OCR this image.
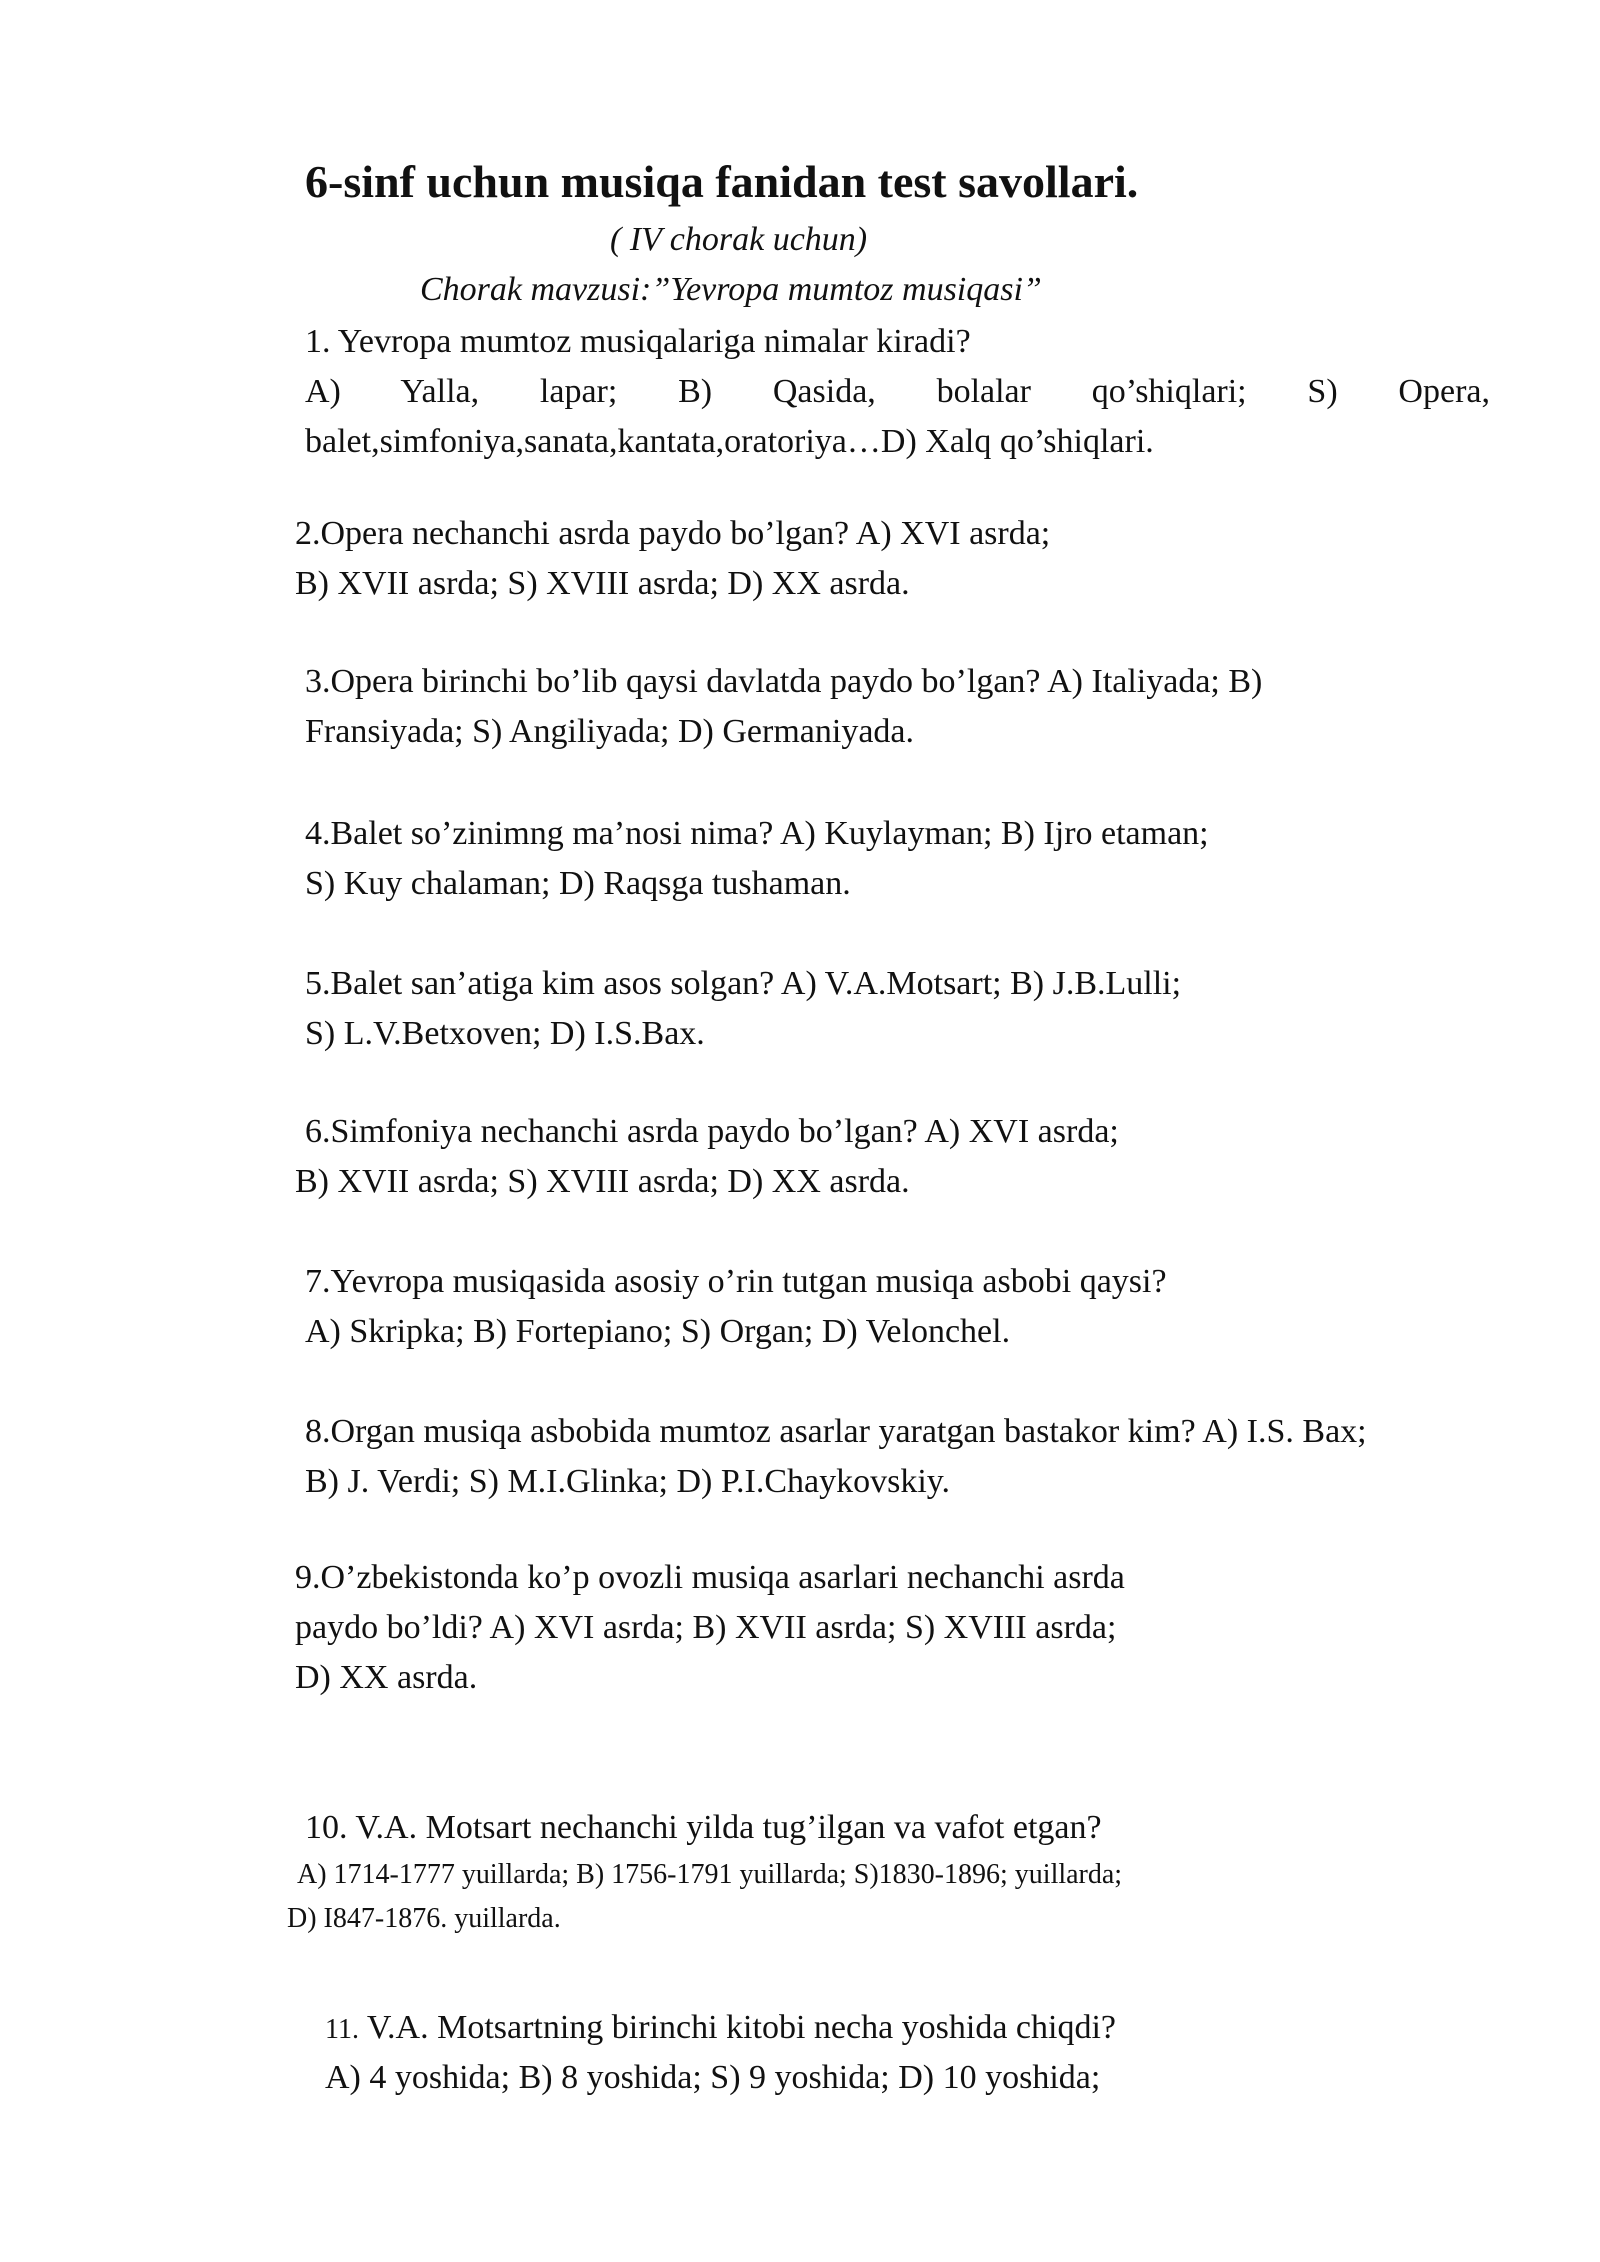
6-sinf uchun musiqa fanidan test savollari.
( IV chorak uchun)
Chorak mavzusi:”Yevropa mumtoz musiqasi”
1. Yevropa mumtoz musiqalariga nimalar kiradi?
A) Yalla, lapar; B) Qasida, bolalar qo’shiqlari; S) Opera,
balet,simfoniya,sanata,kantata,oratoriya…D) Xalq qo’shiqlari.
2.Opera nechanchi asrda paydo bo’lgan? A) XVI asrda;
B) XVII asrda; S) XVIII asrda; D) XX asrda.
3.Opera birinchi bo’lib qaysi davlatda paydo bo’lgan? A) Italiyada; B)
Fransiyada; S) Angiliyada; D) Germaniyada.
4.Balet so’zinimng ma’nosi nima? A) Kuylayman; B) Ijro etaman;
S) Kuy chalaman; D) Raqsga tushaman.
5.Balet san’atiga kim asos solgan? A) V.A.Motsart; B) J.B.Lulli;
S) L.V.Betxoven; D) I.S.Bax.
6.Simfoniya nechanchi asrda paydo bo’lgan? A) XVI asrda;
B) XVII asrda; S) XVIII asrda; D) XX asrda.
7.Yevropa musiqasida asosiy o’rin tutgan musiqa asbobi qaysi?
A) Skripka; B) Fortepiano; S) Organ; D) Velonchel.
8.Organ musiqa asbobida mumtoz asarlar yaratgan bastakor kim? A) I.S. Bax;
B) J. Verdi; S) M.I.Glinka; D) P.I.Chaykovskiy.
9.O’zbekistonda ko’p ovozli musiqa asarlari nechanchi asrda
paydo bo’ldi? A) XVI asrda; B) XVII asrda; S) XVIII asrda;
D) XX asrda.
10. V.A. Motsart nechanchi yilda tug’ilgan va vafot etgan?
A) 1714-1777 yuillarda; B) 1756-1791 yuillarda; S)1830-1896; yuillarda;
D) I847-1876. yuillarda.
11. V.A. Motsartning birinchi kitobi necha yoshida chiqdi?
A) 4 yoshida; B) 8 yoshida; S) 9 yoshida; D) 10 yoshida;
